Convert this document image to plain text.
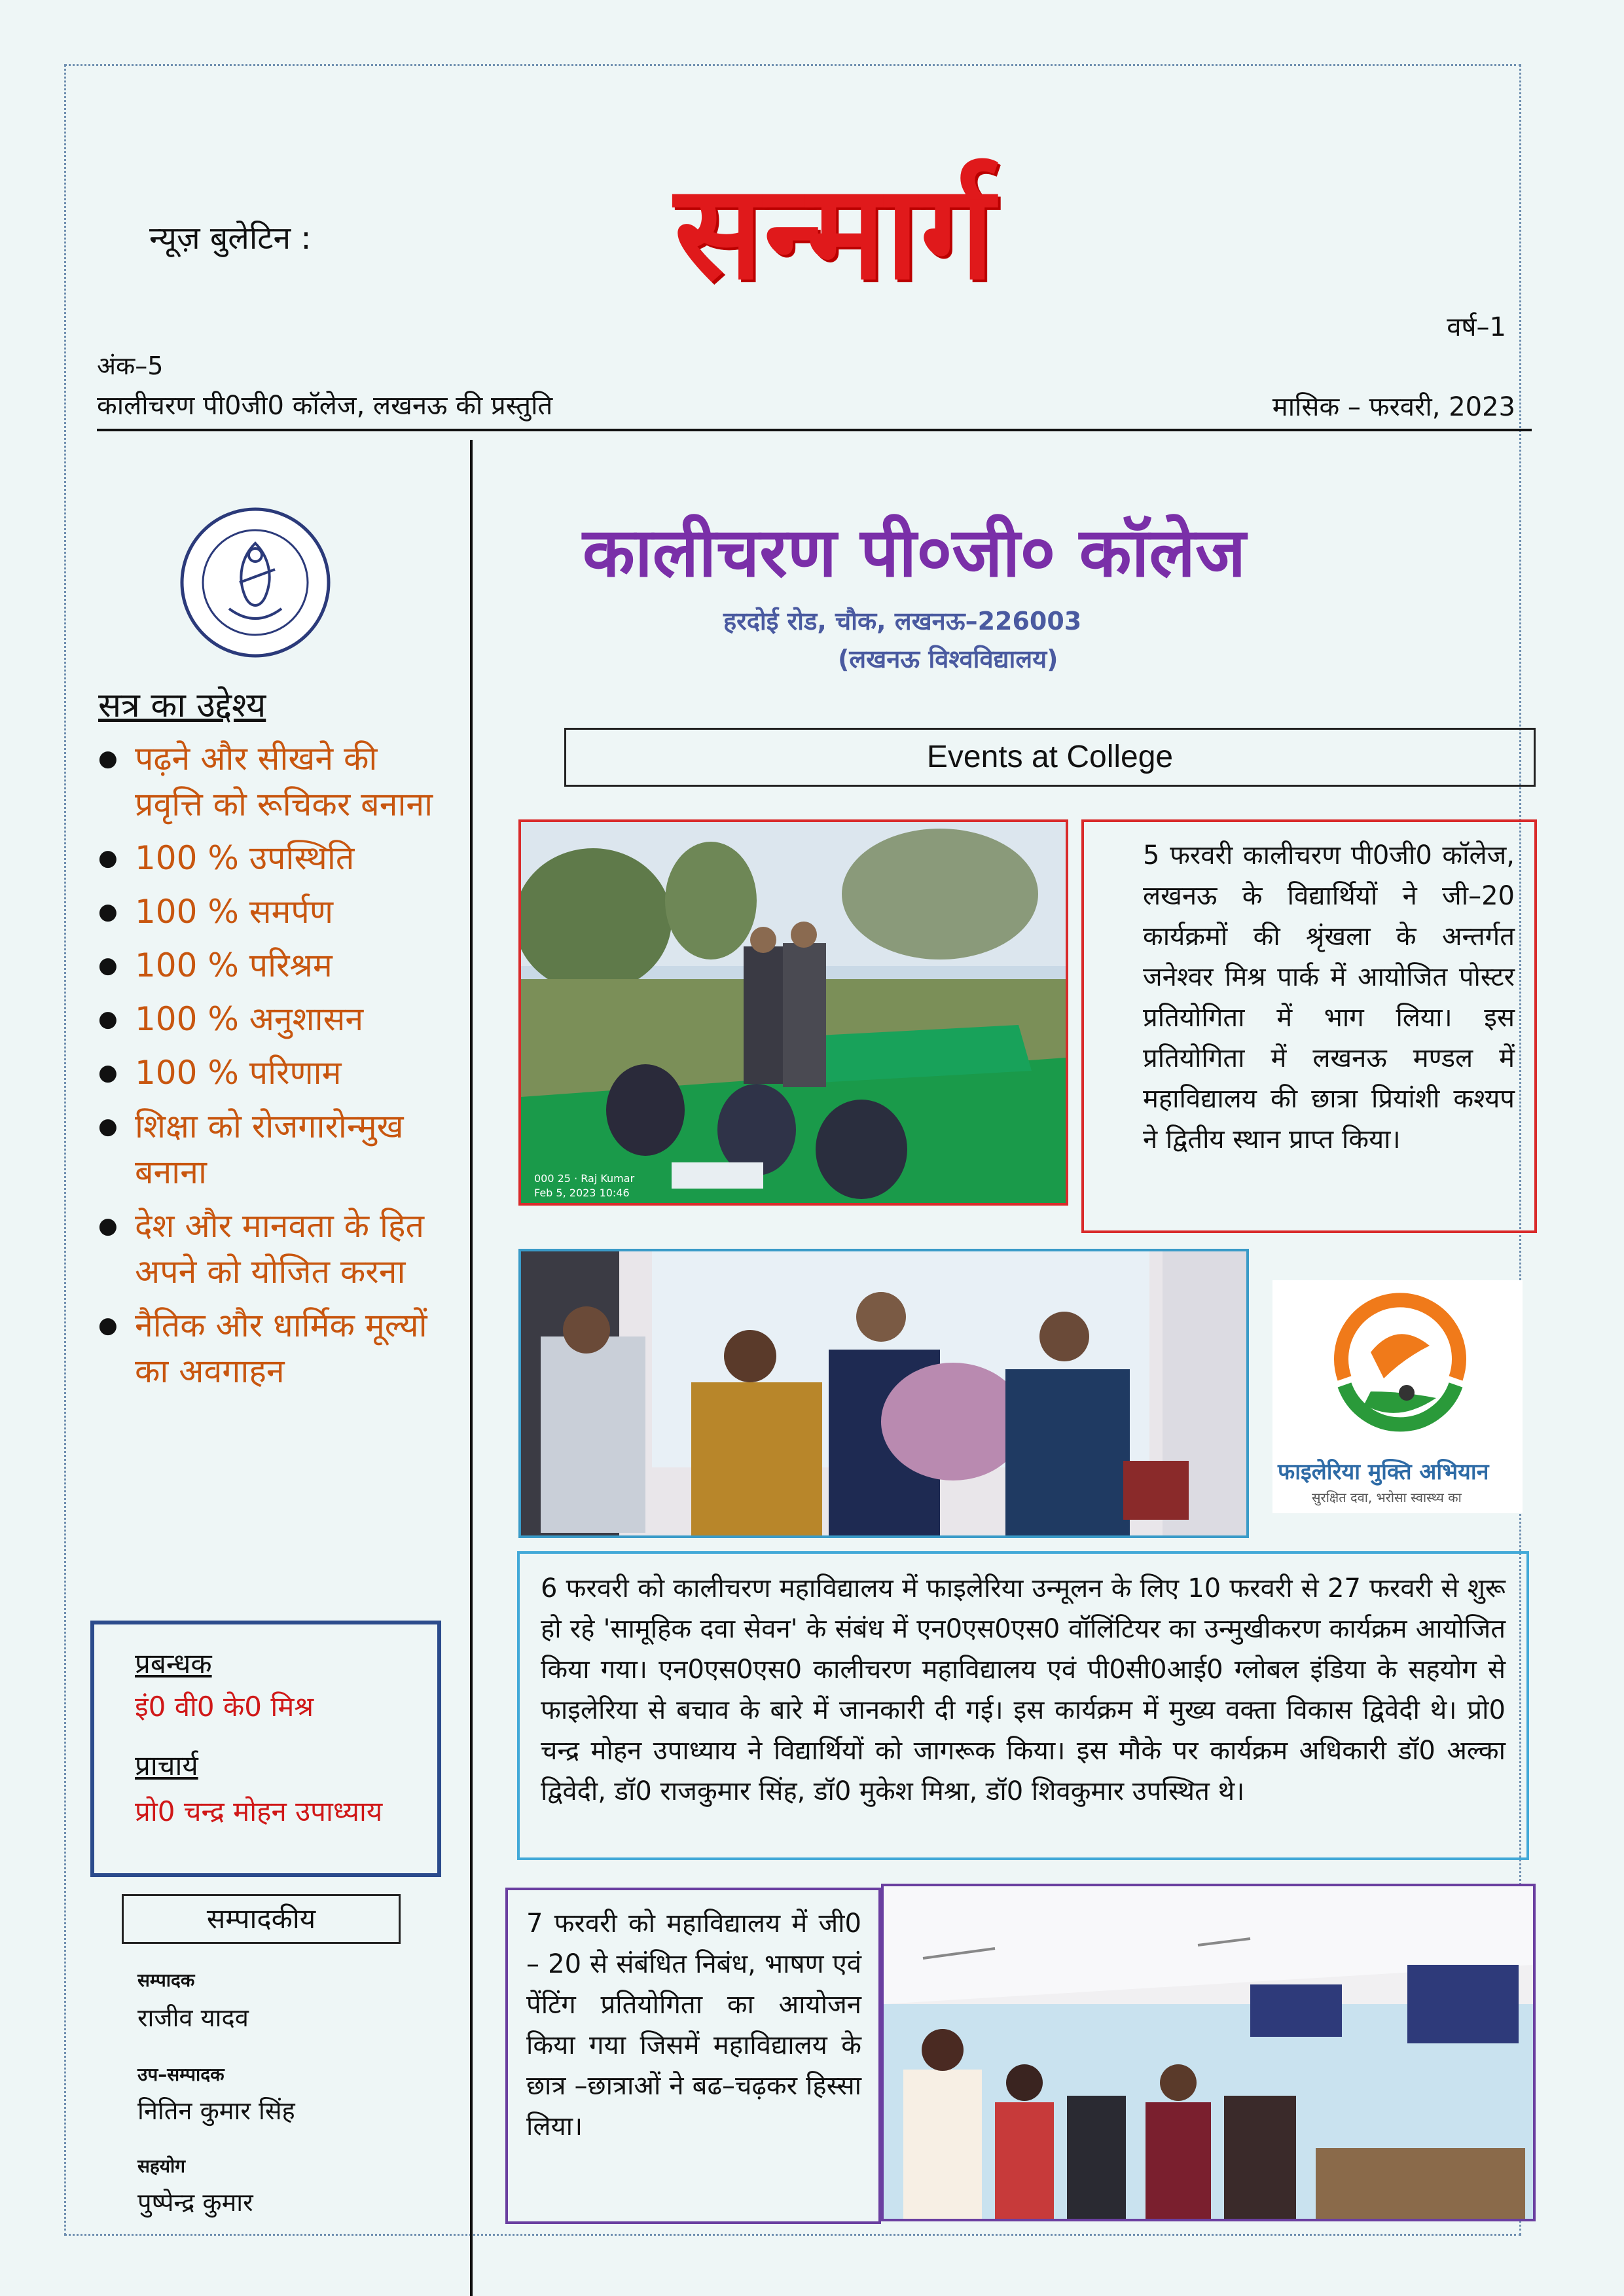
न्यूज़ बुलेटिन :	सन्मार्ग
वर्ष–1
अंक–5
कालीचरण पी0जी0 कॉलेज, लखनऊ की प्रस्तुति	मासिक – फरवरी, 2023
सत्र का उद्देश्य
● पढ़ने और सीखने की प्रवृत्ति को रूचिकर बनाना
● 100 % उपस्थिति
● 100 % समर्पण
● 100 % परिश्रम
● 100 % अनुशासन
● 100 % परिणाम
● शिक्षा को रोजगारोन्मुख बनाना
● देश और मानवता के हित अपने को योजित करना
● नैतिक और धार्मिक मूल्यों का अवगाहन
प्रबन्धक
इं0 वी0 के0 मिश्र
प्राचार्य
प्रो0 चन्द्र मोहन उपाध्याय
सम्पादकीय
सम्पादक
राजीव यादव
उप–सम्पादक
नितिन कुमार सिंह
सहयोग
पुष्पेन्द्र कुमार
कालीचरण पी०जी० कॉलेज
हरदोई रोड, चौक, लखनऊ–226003
(लखनऊ विश्वविद्यालय)
Events at College
000 25 · Raj Kumar
Feb 5, 2023 10:46
5 फरवरी कालीचरण पी0जी0 कॉलेज, लखनऊ के विद्यार्थियों ने जी–20 कार्यक्रमों की श्रृंखला के अन्तर्गत जनेश्वर मिश्र पार्क में आयोजित पोस्टर प्रतियोगिता में भाग लिया। इस प्रतियोगिता में लखनऊ मण्डल में महाविद्यालय की छात्रा प्रियांशी कश्यप ने द्वितीय स्थान प्राप्त किया।
फाइलेरिया मुक्ति अभियान
सुरक्षित दवा, भरोसा स्वास्थ्य का
6 फरवरी को कालीचरण महाविद्यालय में फाइलेरिया उन्मूलन के लिए 10 फरवरी से 27 फरवरी से शुरू हो रहे 'सामूहिक दवा सेवन' के संबंध में एन0एस0एस0 वॉलिंटियर का उन्मुखीकरण कार्यक्रम आयोजित किया गया। एन0एस0एस0 कालीचरण महाविद्यालय एवं पी0सी0आई0 ग्लोबल इंडिया के सहयोग से फाइलेरिया से बचाव के बारे में जानकारी दी गई। इस कार्यक्रम में मुख्य वक्ता विकास द्विवेदी थे। प्रो0 चन्द्र मोहन उपाध्याय ने विद्यार्थियों को जागरूक किया। इस मौके पर कार्यक्रम अधिकारी डॉ0 अल्का द्विवेदी, डॉ0 राजकुमार सिंह, डॉ0 मुकेश मिश्रा, डॉ0 शिवकुमार उपस्थित थे।
7 फरवरी को महाविद्यालय में जी0 – 20 से संबंधित निबंध, भाषण एवं पेंटिंग प्रतियोगिता का आयोजन किया गया जिसमें महाविद्यालय के छात्र –छात्राओं ने बढ–चढ़कर हिस्सा लिया।
